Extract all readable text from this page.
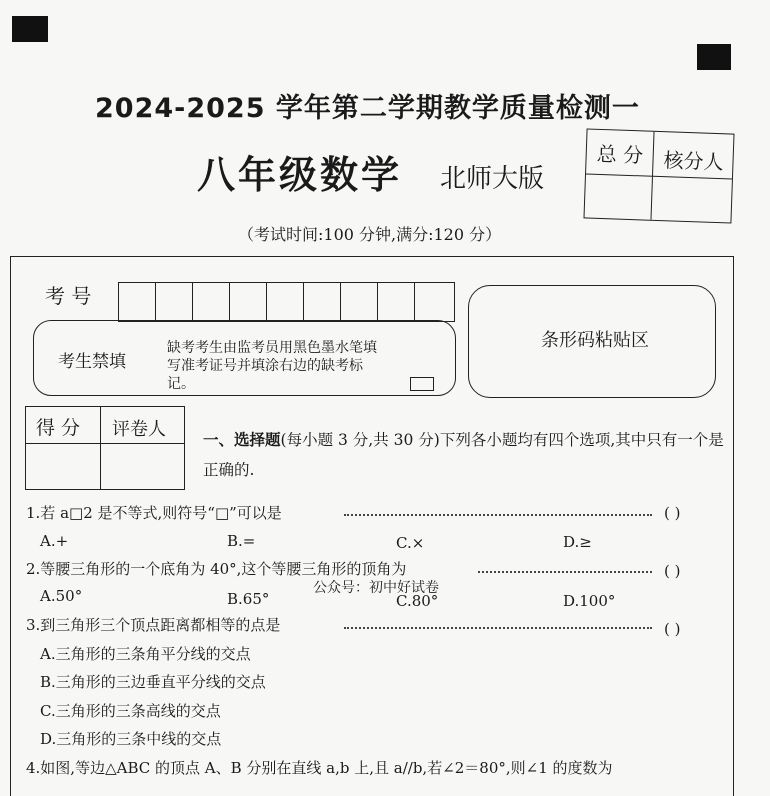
2024-2025 学年第二学期教学质量检测一
八年级数学 北师大版
（考试时间:100 分钟,满分:120 分）
总 分 核分人
考 号
条形码粘贴区
考生禁填
缺考考生由监考员用黑色墨水笔填写准考证号并填涂右边的缺考标记。
得 分 评卷人 一、选择题(每小题 3 分,共 30 分)下列各小题均有四个选项,其中只有一个是正确的.
1.若 a□2 是不等式,则符号“□”可以是	( )
A.+	B.=	C.×	D.≥
2.等腰三角形的一个底角为 40°,这个等腰三角形的顶角为	( )
A.50°	B.65°	C.80°	D.100°
公众号：初中好试卷
3.到三角形三个顶点距离都相等的点是	( )
A.三角形的三条角平分线的交点
B.三角形的三边垂直平分线的交点
C.三角形的三条高线的交点
D.三角形的三条中线的交点
4.如图,等边△ABC 的顶点 A、B 分别在直线 a,b 上,且 a//b,若∠2＝80°,则∠1 的度数为
